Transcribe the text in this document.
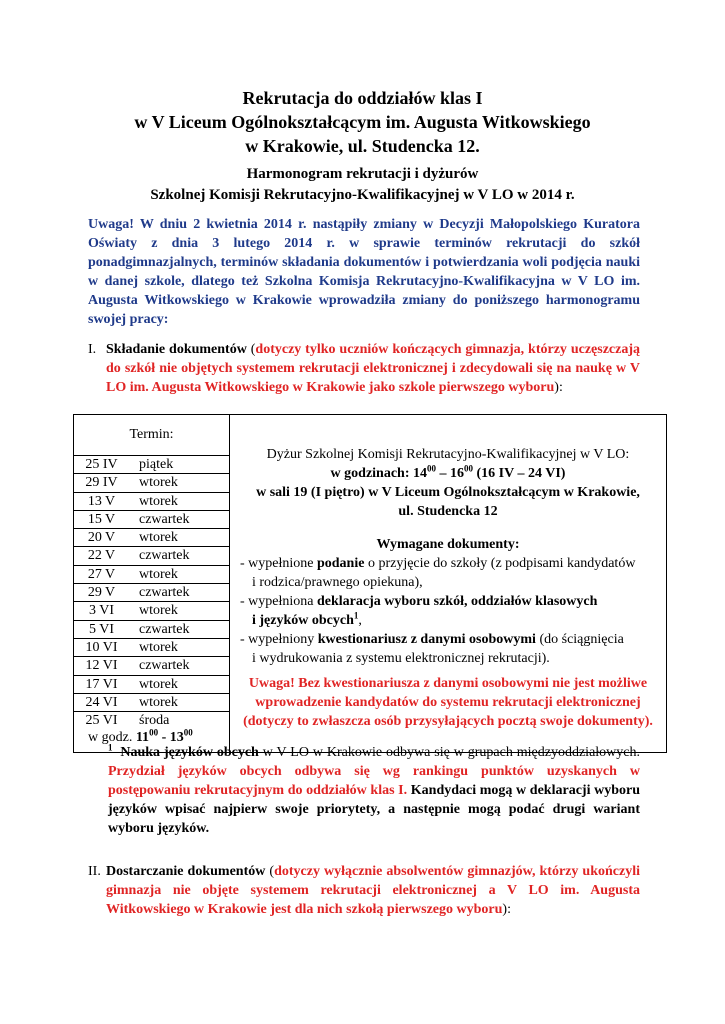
Rekrutacja do oddziałów klas I
w V Liceum Ogólnokształcącym im. Augusta Witkowskiego
w Krakowie, ul. Studencka 12.
Harmonogram rekrutacji i dyżurów
Szkolnej Komisji Rekrutacyjno-Kwalifikacyjnej w V LO w 2014 r.
Uwaga! W dniu 2 kwietnia 2014 r. nastąpiły zmiany w Decyzji Małopolskiego Kuratora Oświaty z dnia 3 lutego 2014 r. w sprawie terminów rekrutacji do szkół ponadgimnazjalnych, terminów składania dokumentów i potwierdzania woli podjęcia nauki w danej szkole, dlatego też Szkolna Komisja Rekrutacyjno-Kwalifikacyjna w V LO im. Augusta Witkowskiego w Krakowie wprowadziła zmiany do poniższego harmonogramu swojej pracy:
I. Składanie dokumentów (dotyczy tylko uczniów kończących gimnazja, którzy uczęszczają do szkół nie objętych systemem rekrutacji elektronicznej i zdecydowali się na naukę w V LO im. Augusta Witkowskiego w Krakowie jako szkole pierwszego wyboru):
Termin:
25 IV	piątek
29 IV	wtorek
13 V	wtorek
15 V	czwartek
20 V	wtorek
22 V	czwartek
27 V	wtorek
29 V	czwartek
3 VI	wtorek
5 VI	czwartek
10 VI	wtorek
12 VI	czwartek
17 VI	wtorek
24 VI	wtorek
25 VI	środa
w godz. $11^{00} - 13^{00}$

Dyżur Szkolnej Komisji Rekrutacyjno-Kwalifikacyjnej w V LO:
w godzinach: $14^{00} - 16^{00}$ (16 IV – 24 VI)
w sali 19 (I piętro) w V Liceum Ogólnokształcącym w Krakowie,
ul. Studencka 12
Wymagane dokumenty:
- wypełnione podanie o przyjęcie do szkoły (z podpisami kandydatów
i rodzica/prawnego opiekuna),
- wypełniona deklaracja wyboru szkół, oddziałów klasowych
i języków obcych$^1$,
- wypełniony kwestionariusz z danymi osobowymi (do ściągnięcia
i wydrukowania z systemu elektronicznej rekrutacji).
Uwaga! Bez kwestionariusza z danymi osobowymi nie jest możliwe wprowadzenie kandydatów do systemu rekrutacji elektronicznej (dotyczy to zwłaszcza osób przysyłających pocztą swoje dokumenty).
$^1$ Nauka języków obcych w V LO w Krakowie odbywa się w grupach międzyoddziałowych. Przydział języków obcych odbywa się wg rankingu punktów uzyskanych w postępowaniu rekrutacyjnym do oddziałów klas I. Kandydaci mogą w deklaracji wyboru języków wpisać najpierw swoje priorytety, a następnie mogą podać drugi wariant wyboru języków.
II. Dostarczanie dokumentów (dotyczy wyłącznie absolwentów gimnazjów, którzy ukończyli gimnazja nie objęte systemem rekrutacji elektronicznej a V LO im. Augusta Witkowskiego w Krakowie jest dla nich szkołą pierwszego wyboru):
